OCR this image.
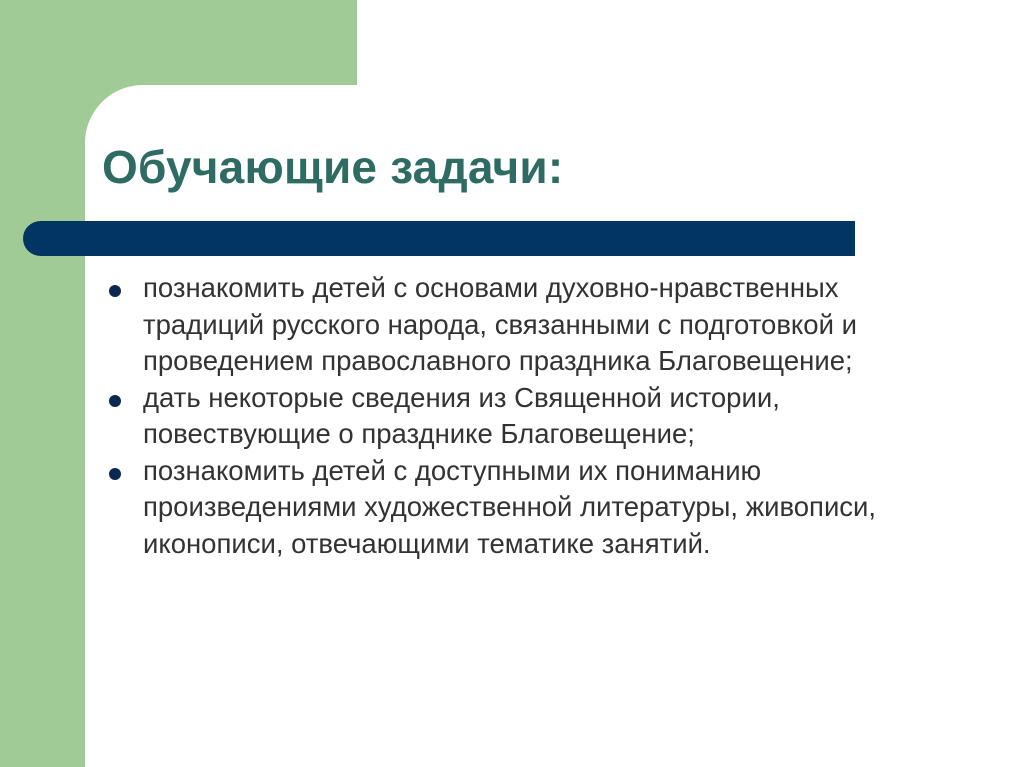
Обучающие задачи:
познакомить детей с основами духовно-нравственных традиций русского народа, связанными с подготовкой и проведением православного праздника Благовещение;
дать некоторые сведения из Священной истории, повествующие о празднике Благовещение;
познакомить детей с доступными их пониманию произведениями художественной литературы, живописи, иконописи, отвечающими тематике занятий.
